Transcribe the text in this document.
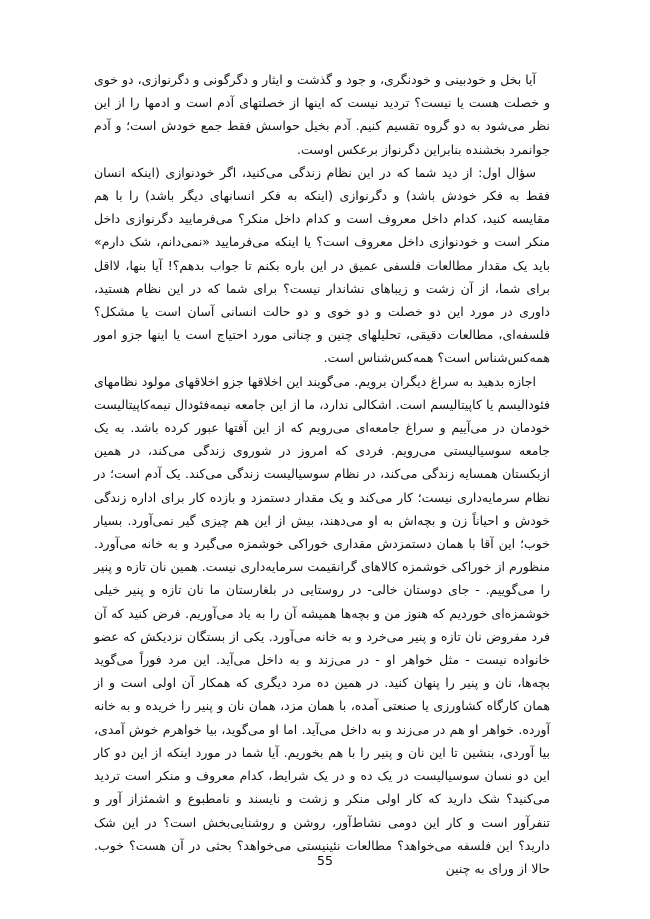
آیا بخل و خودبینی و خودنگری، و جود و گذشت و ایثار و دگرگونی و دگرنوازی، دو خوی و خصلت هست یا نیست؟ تردید نیست که اینها از خصلتهای آدم است و ادمها را از این نظر می‌شود به دو گروه تقسیم کنیم. آدم بخیل حواسش فقط جمع خودش است؛ و آدم جوانمرد بخشنده بنابراین دگرنواز برعکس اوست.

سؤال اول: از دید شما که در این نظام زندگی می‌کنید، اگر خودنوازی (اینکه انسان فقط به فکر خودش باشد) و دگرنوازی (اینکه به فکر انسانهای دیگر باشد) را با هم مقایسه کنید، کدام داخل معروف است و کدام داخل منکر؟ می‌فرمایید دگرنوازی داخل منکر است و خودنوازی داخل معروف است؟ یا اینکه می‌فرمایید «نمی‌دانم، شک دارم» باید یک مقدار مطالعات فلسفی عمیق در این باره بکنم تا جواب بدهم؟! آیا بنها، لااقل برای شما، از آن زشت و زیباهای نشاندار نیست؟ برای شما که در این نظام هستید، داوری در مورد این دو خصلت و دو خوی و دو حالت انسانی آسان است یا مشکل؟ فلسفه‌ای، مطالعات دقیقی، تحلیلهای چنین و چنانی مورد احتیاج است یا اینها جزو امور همه‌کس‌شناس است؟ همه‌کس‌شناس است.

اجازه بدهید به سراغ دیگران برویم. می‌گویند این اخلاقها جزو اخلاقهای مولود نظامهای فئودالیسم یا کاپیتالیسم است. اشکالی ندارد، ما از این جامعه نیمه‌فئودال نیمه‌کاپیتالیست خودمان در می‌آییم و سراغ جامعه‌ای می‌رویم که از این آفتها عبور کرده باشد. به یک جامعه سوسیالیستی می‌رویم. فردی که امروز در شوروی زندگی می‌کند، در همین ازبکستان همسایه زندگی می‌کند، در نظام سوسیالیست زندگی می‌کند. یک آدم است؛ در نظام سرمایه‌داری نیست؛ کار می‌کند و یک مقدار دستمزد و بازده کار برای اداره زندگی خودش و احیاناً زن و بچه‌اش به او می‌دهند، بیش از این هم چیزی گیر نمی‌آورد. بسیار خوب؛ این آقا با همان دستمزدش مقداری خوراکی خوشمزه می‌گیرد و به خانه می‌آورد. منظورم از خوراکی خوشمزه کالاهای گرانقیمت سرمایه‌داری نیست. همین نان تازه و پنیر را می‌گوییم. - جای دوستان خالی- در روستایی در بلغارستان ما نان تازه و پنیر خیلی خوشمزه‌ای خوردیم که هنوز من و بچه‌ها همیشه آن را به یاد می‌آوریم. فرض کنید که آن فرد مفروض نان تازه و پنیر می‌خرد و به خانه می‌آورد. یکی از بستگان نزدیکش که عضو خانواده نیست - مثل خواهر او - در می‌زند و به داخل می‌آید. این مرد فوراً می‌گوید بچه‌ها، نان و پنیر را پنهان کنید. در همین ده مرد دیگری که همکار آن اولی است و از همان کارگاه کشاورزی یا صنعتی آمده، با همان مزد، همان نان و پنیر را خریده و به خانه آورده. خواهر او هم در می‌زند و به داخل می‌آید. اما او می‌گوید، بیا خواهرم خوش آمدی، بیا آوردی، بنشین تا این نان و پنیر را با هم بخوریم. آیا شما در مورد اینکه از این دو کار این دو نسان سوسیالیست در یک ده و در یک شرایط، کدام معروف و منکر است تردید می‌کنید؟ شک دارید که کار اولی منکر و زشت و نایسند و نامطبوع و اشمئزاز آور و تنفرآور است و کار این دومی نشاط‌آور، روشن و روشنایی‌بخش است؟ در این شک دارید؟ این فلسفه می‌خواهد؟ مطالعات نئینیستی می‌خواهد؟ بحثی در آن هست؟ خوب. حالا از ورای به چنین

55
